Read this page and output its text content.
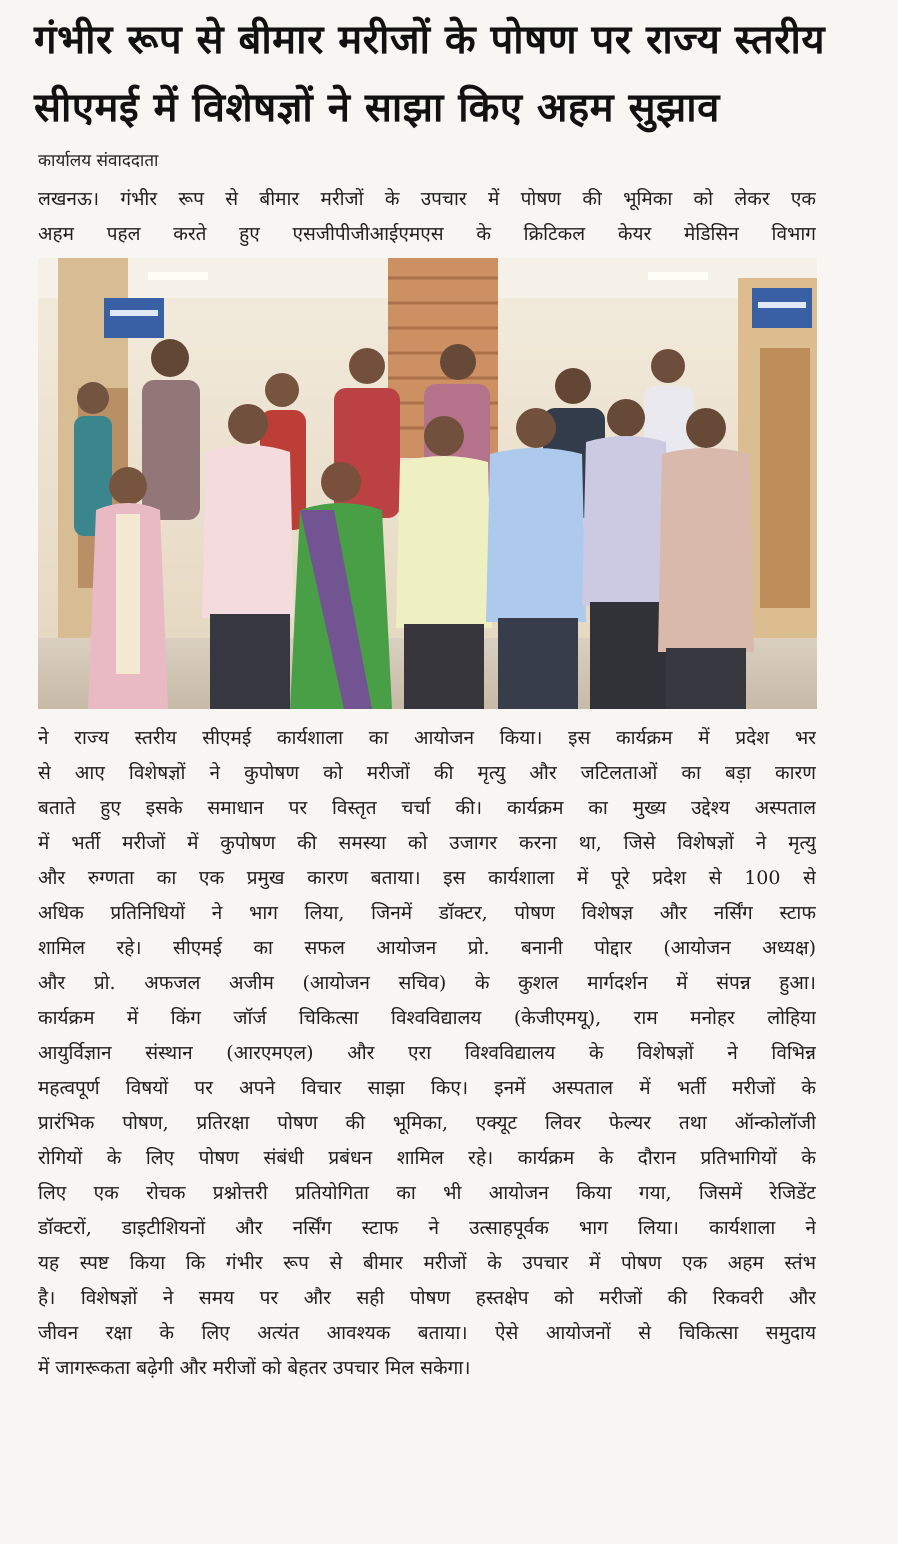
गंभीर रूप से बीमार मरीजों के पोषण पर राज्य स्तरीय
सीएमई में विशेषज्ञों ने साझा किए अहम सुझाव
कार्यालय संवाददाता
लखनऊ। गंभीर रूप से बीमार मरीजों के उपचार में पोषण की भूमिका को लेकर एक
अहम पहल करते हुए एसजीपीजीआईएमएस के क्रिटिकल केयर मेडिसिन विभाग
ने राज्य स्तरीय सीएमई कार्यशाला का आयोजन किया। इस कार्यक्रम में प्रदेश भर
से आए विशेषज्ञों ने कुपोषण को मरीजों की मृत्यु और जटिलताओं का बड़ा कारण
बताते हुए इसके समाधान पर विस्तृत चर्चा की। कार्यक्रम का मुख्य उद्देश्य अस्पताल
में भर्ती मरीजों में कुपोषण की समस्या को उजागर करना था, जिसे विशेषज्ञों ने मृत्यु
और रुग्णता का एक प्रमुख कारण बताया। इस कार्यशाला में पूरे प्रदेश से 100 से
अधिक प्रतिनिधियों ने भाग लिया, जिनमें डॉक्टर, पोषण विशेषज्ञ और नर्सिंग स्टाफ
शामिल रहे। सीएमई का सफल आयोजन प्रो. बनानी पोद्दार (आयोजन अध्यक्ष)
और प्रो. अफजल अजीम (आयोजन सचिव) के कुशल मार्गदर्शन में संपन्न हुआ।
कार्यक्रम में किंग जॉर्ज चिकित्सा विश्वविद्यालय (केजीएमयू), राम मनोहर लोहिया
आयुर्विज्ञान संस्थान (आरएमएल) और एरा विश्वविद्यालय के विशेषज्ञों ने विभिन्न
महत्वपूर्ण विषयों पर अपने विचार साझा किए। इनमें अस्पताल में भर्ती मरीजों के
प्रारंभिक पोषण, प्रतिरक्षा पोषण की भूमिका, एक्यूट लिवर फेल्यर तथा ऑन्कोलॉजी
रोगियों के लिए पोषण संबंधी प्रबंधन शामिल रहे। कार्यक्रम के दौरान प्रतिभागियों के
लिए एक रोचक प्रश्नोत्तरी प्रतियोगिता का भी आयोजन किया गया, जिसमें रेजिडेंट
डॉक्टरों, डाइटीशियनों और नर्सिंग स्टाफ ने उत्साहपूर्वक भाग लिया। कार्यशाला ने
यह स्पष्ट किया कि गंभीर रूप से बीमार मरीजों के उपचार में पोषण एक अहम स्तंभ
है। विशेषज्ञों ने समय पर और सही पोषण हस्तक्षेप को मरीजों की रिकवरी और
जीवन रक्षा के लिए अत्यंत आवश्यक बताया। ऐसे आयोजनों से चिकित्सा समुदाय
में जागरूकता बढ़ेगी और मरीजों को बेहतर उपचार मिल सकेगा।
